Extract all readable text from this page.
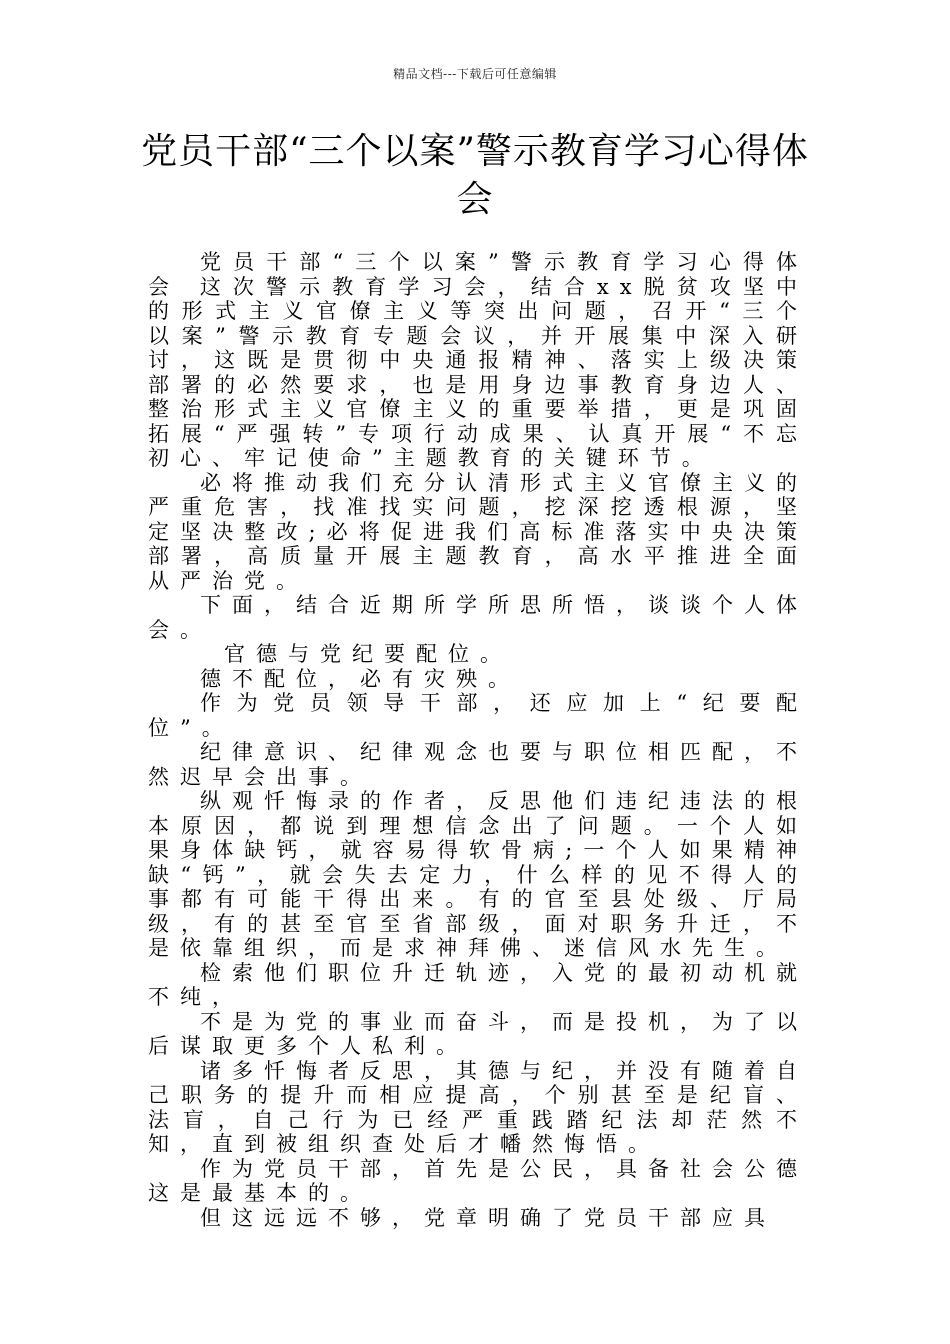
精品文档---下载后可任意编辑
党员干部“三个以案”警示教育学习心得体会

党员干部“三个以案”警示教育学习心得体会 这次警示教育学习会，结合xx脱贫攻坚中的形式主义官僚主义等突出问题，召开“三个以案”警示教育专题会议，并开展集中深入研讨，这既是贯彻中央通报精神、落实上级决策部署的必然要求，也是用身边事教育身边人、整治形式主义官僚主义的重要举措，更是巩固拓展“严强转”专项行动成果、认真开展“不忘初心、牢记使命”主题教育的关键环节。

必将推动我们充分认清形式主义官僚主义的严重危害，找准找实问题，挖深挖透根源，坚定坚决整改;必将促进我们高标准落实中央决策部署，高质量开展主题教育，高水平推进全面从严治党。

下面，结合近期所学所思所悟，谈谈个人体会。

官德与党纪要配位。

德不配位，必有灾殃。

作为党员领导干部，还应加上“纪要配位”。

纪律意识、纪律观念也要与职位相匹配，不然迟早会出事。

纵观忏悔录的作者，反思他们违纪违法的根本原因，都说到理想信念出了问题。一个人如果身体缺钙，就容易得软骨病;一个人如果精神缺“钙”，就会失去定力，什么样的见不得人的事都有可能干得出来。有的官至县处级、厅局级，有的甚至官至省部级，面对职务升迁，不是依靠组织，而是求神拜佛、迷信风水先生。

检索他们职位升迁轨迹，入党的最初动机就不纯，

不是为党的事业而奋斗，而是投机，为了以后谋取更多个人私利。

诸多忏悔者反思，其德与纪，并没有随着自己职务的提升而相应提高，个别甚至是纪盲、法盲，自己行为已经严重践踏纪法却茫然不知，直到被组织查处后才幡然悔悟。

作为党员干部，首先是公民，具备社会公德这是最基本的。

但这远远不够，党章明确了党员干部应具
